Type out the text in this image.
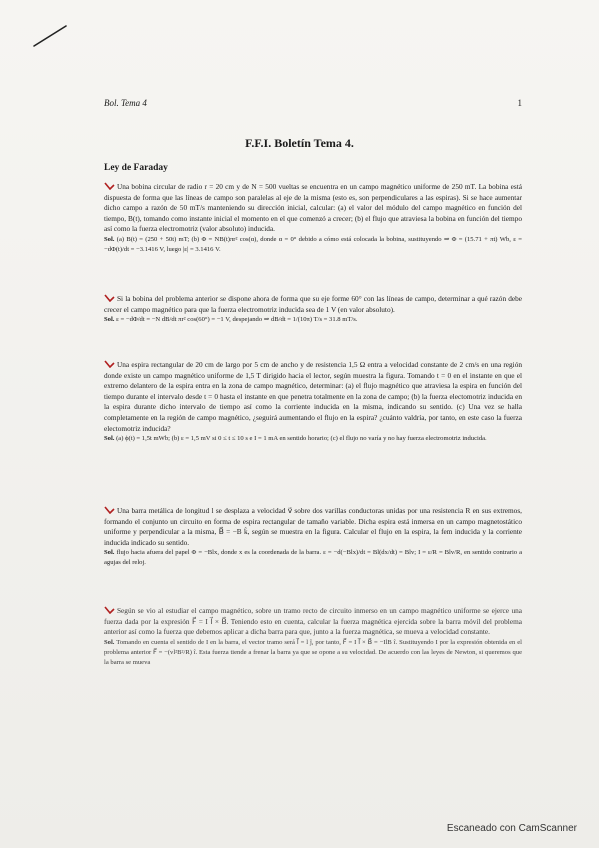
Bol. Tema 4	1
F.F.I. Boletín Tema 4.
Ley de Faraday

Una bobina circular de radio r = 20 cm y de N = 500 vueltas se encuentra en un campo magnético uniforme de 250 mT. La bobina está dispuesta de forma que las líneas de campo son paralelas al eje de la misma (esto es, son perpendiculares a las espiras). Si se hace aumentar dicho campo a razón de 50 mT/s manteniendo su dirección inicial, calcular: (a) el valor del módulo del campo magnético en función del tiempo, B(t), tomando como instante inicial el momento en el que comenzó a crecer; (b) el flujo que atraviesa la bobina en función del tiempo así como la fuerza electromotriz (valor absoluto) inducida.

Sol. (a) B(t) = (250 + 50t) mT; (b) Φ = NB(t)πr² cos(α), donde α = 0° debido a cómo está colocada la bobina, sustituyendo ⇒ Φ = (15.71 + πt) Wb, ε = −dΦ(t)/dt = −3.1416 V, luego |ε| = 3.1416 V.

Si la bobina del problema anterior se dispone ahora de forma que su eje forme 60° con las líneas de campo, determinar a qué razón debe crecer el campo magnético para que la fuerza electromotriz inducida sea de 1 V (en valor absoluto).

Sol. ε = −dΦ/dt = −N dB/dt πr² cos(60°) = −1 V, despejando ⇒ dB/dt = 1/(10π) T/s = 31.8 mT/s.

Una espira rectangular de 20 cm de largo por 5 cm de ancho y de resistencia 1,5 Ω entra a velocidad constante de 2 cm/s en una región donde existe un campo magnético uniforme de 1,5 T dirigido hacia el lector, según muestra la figura. Tomando t = 0 en el instante en que el extremo delantero de la espira entra en la zona de campo magnético, determinar: (a) el flujo magnético que atraviesa la espira en función del tiempo durante el intervalo desde t = 0 hasta el instante en que penetra totalmente en la zona de campo; (b) la fuerza electomotriz inducida en la espira durante dicho intervalo de tiempo así como la corriente inducida en la misma, indicando su sentido. (c) Una vez se halla completamente en la región de campo magnético, ¿seguirá aumentando el flujo en la espira? ¿cuánto valdría, por tanto, en este caso la fuerza electomotriz inducida?

Sol. (a) ϕ(t) = 1,5t mWb; (b) ε = 1,5 mV si 0 ≤ t ≤ 10 s e I = 1 mA en sentido horario; (c) el flujo no varía y no hay fuerza electromotriz inducida.

Una barra metálica de longitud l se desplaza a velocidad v⃗ sobre dos varillas conductoras unidas por una resistencia R en sus extremos, formando el conjunto un circuito en forma de espira rectangular de tamaño variable. Dicha espira está inmersa en un campo magnetostático uniforme y perpendicular a la misma, B⃗ = −B k̂, según se muestra en la figura. Calcular el flujo en la espira, la fem inducida y la corriente inducida indicado su sentido.

Sol. flujo hacia afuera del papel Φ = −Blx, donde x es la coordenada de la barra. ε = −d(−Blx)/dt = Bl(dx/dt) = Blv; I = ε/R = Blv/R, en sentido contrario a agujas del reloj.

Según se vio al estudiar el campo magnético, sobre un tramo recto de circuito inmerso en un campo magnético uniforme se ejerce una fuerza dada por la expresión F⃗ = I l⃗ × B⃗. Teniendo esto en cuenta, calcular la fuerza magnética ejercida sobre la barra móvil del problema anterior así como la fuerza que debemos aplicar a dicha barra para que, junto a la fuerza magnética, se mueva a velocidad constante.

Sol. Tomando en cuenta el sentido de I en la barra, el vector tramo será l⃗ = l ĵ, por tanto, F⃗ = I l⃗ × B⃗ = −IlB î. Sustituyendo I por la expresión obtenida en el problema anterior F⃗ = −(vl²B²/R) î. Esta fuerza tiende a frenar la barra ya que se opone a su velocidad. De acuerdo con las leyes de Newton, si queremos que la barra se mueva

Escaneado con CamScanner
